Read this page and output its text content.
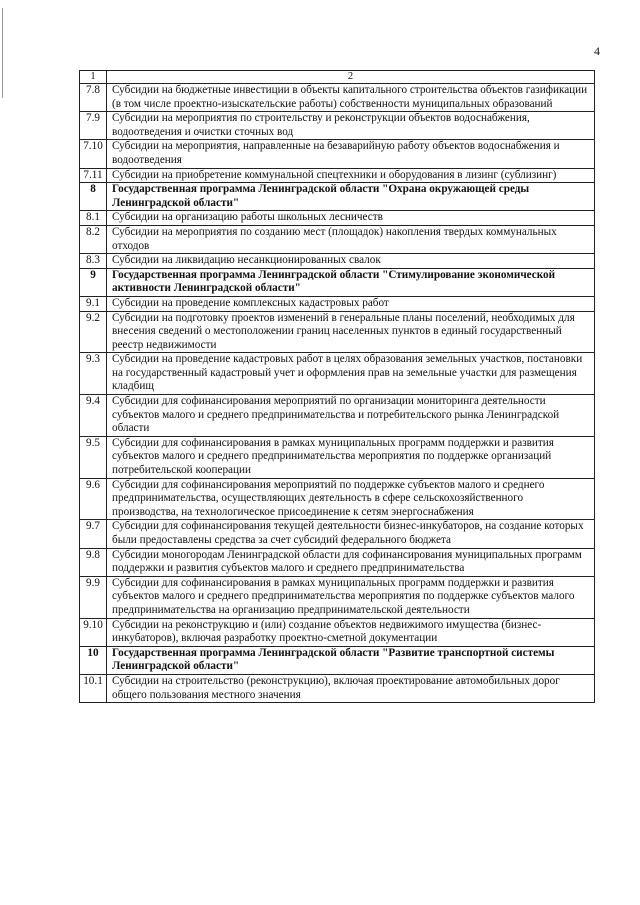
4
1	2
7.8	Субсидии на бюджетные инвестиции в объекты капитального строительства объектов газификации (в том числе проектно-изыскательские работы) собственности муниципальных образований
7.9	Субсидии на мероприятия по строительству и реконструкции объектов водоснабжения, водоотведения и очистки сточных вод
7.10	Субсидии на мероприятия, направленные на безаварийную работу объектов водоснабжения и водоотведения
7.11	Субсидии на приобретение коммунальной спецтехники и оборудования в лизинг (сублизинг)
8	Государственная программа Ленинградской области "Охрана окружающей среды Ленинградской области"
8.1	Субсидии на организацию работы школьных лесничеств
8.2	Субсидии на мероприятия по созданию мест (площадок) накопления твердых коммунальных отходов
8.3	Субсидии на ликвидацию несанкционированных свалок
9	Государственная программа Ленинградской области "Стимулирование экономической активности Ленинградской области"
9.1	Субсидии на проведение комплексных кадастровых работ
9.2	Субсидии на подготовку проектов изменений в генеральные планы поселений, необходимых для внесения сведений о местоположении границ населенных пунктов в единый государственный реестр недвижимости
9.3	Субсидии на проведение кадастровых работ в целях образования земельных участков, постановки на государственный кадастровый учет и оформления прав на земельные участки для размещения кладбищ
9.4	Субсидии для софинансирования мероприятий по организации мониторинга деятельности субъектов малого и среднего предпринимательства и потребительского рынка Ленинградской области
9.5	Субсидии для софинансирования в рамках муниципальных программ поддержки и развития субъектов малого и среднего предпринимательства мероприятия по поддержке организаций потребительской кооперации
9.6	Субсидии для софинансирования мероприятий по поддержке субъектов малого и среднего предпринимательства, осуществляющих деятельность в сфере сельскохозяйственного производства, на технологическое присоединение к сетям энергоснабжения
9.7	Субсидии для софинансирования текущей деятельности бизнес-инкубаторов, на создание которых были предоставлены средства за счет субсидий федерального бюджета
9.8	Субсидии моногородам Ленинградской области для софинансирования муниципальных программ поддержки и развития субъектов малого и среднего предпринимательства
9.9	Субсидии для софинансирования в рамках муниципальных программ поддержки и развития субъектов малого и среднего предпринимательства мероприятия по поддержке субъектов малого предпринимательства на организацию предпринимательской деятельности
9.10	Субсидии на реконструкцию и (или) создание объектов недвижимого имущества (бизнес-инкубаторов), включая разработку проектно-сметной документации
10	Государственная программа Ленинградской области "Развитие транспортной системы Ленинградской области"
10.1	Субсидии на строительство (реконструкцию), включая проектирование автомобильных дорог общего пользования местного значения
